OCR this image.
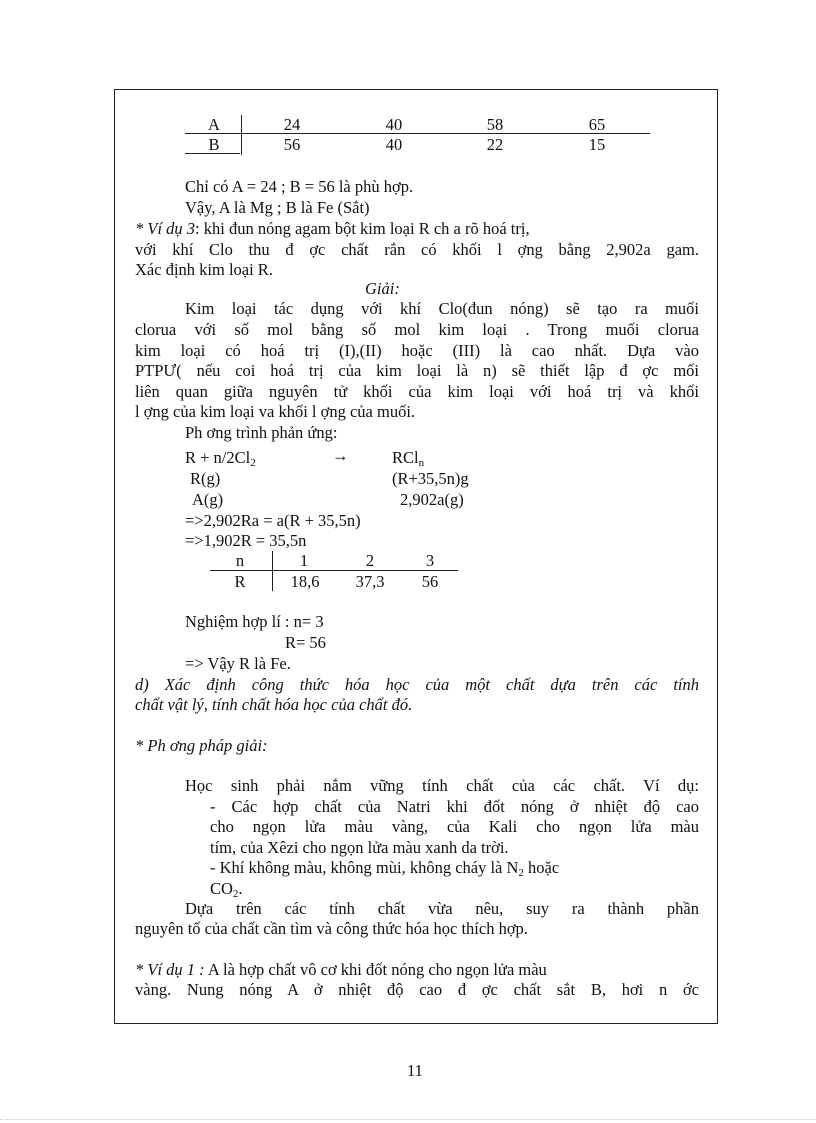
A	24	40	58	65
B	56	40	22	15
Chỉ có A = 24 ; B = 56 là phù hợp.
Vậy, A là Mg ; B là Fe (Sắt)
* Ví dụ 3: khi đun nóng agam bột kim loại R ch a rõ hoá trị,
với khí Clo thu đ ợc chất rắn có khối l ợng bằng 2,902a gam.
Xác định kim loại R.
Giải:
Kim loại tác dụng với khí Clo(đun nóng) sẽ tạo ra muối
clorua với số mol bằng số mol kim loại . Trong muối clorua
kim loại có hoá trị (I),(II) hoặc (III) là cao nhất. Dựa vào
PTPƯ( nếu coi hoá trị của kim loại là n) sẽ thiết lập đ ợc mối
liên quan giữa nguyên tử khối của kim loại với hoá trị và khối
l ợng của kim loại va khối l ợng của muối.
Ph ơng trình phản ứng:
$R + n/2Cl_2$	→	RCl$_n$
R(g)	(R+35,5n)g
A(g)	2,902a(g)
=>2,902Ra = a(R + 35,5n)
=>1,902R = 35,5n
n	1	2	3
R	18,6	37,3	56
Nghiệm hợp lí : n= 3
R= 56
=> Vậy R là Fe.
d) Xác định công thức hóa học của một chất dựa trên các tính
chất vật lý, tính chất hóa học của chất đó.
* Ph ơng pháp giải:
Học sinh phải nắm vững tính chất của các chất. Ví dụ:
- Các hợp chất của Natri khi đốt nóng ở nhiệt độ cao
cho ngọn lửa màu vàng, của Kali cho ngọn lửa màu
tím, của Xêzi cho ngọn lửa màu xanh da trời.
- Khí không màu, không mùi, không cháy là $N_2$ hoặc
$CO_2$.
Dựa trên các tính chất vừa nêu, suy ra thành phần
nguyên tố của chất cần tìm và công thức hóa học thích hợp.
* Ví dụ 1 : A là hợp chất vô cơ khi đốt nóng cho ngọn lửa màu
vàng. Nung nóng A ở nhiệt độ cao đ ợc chất sắt B, hơi n ớc
11
